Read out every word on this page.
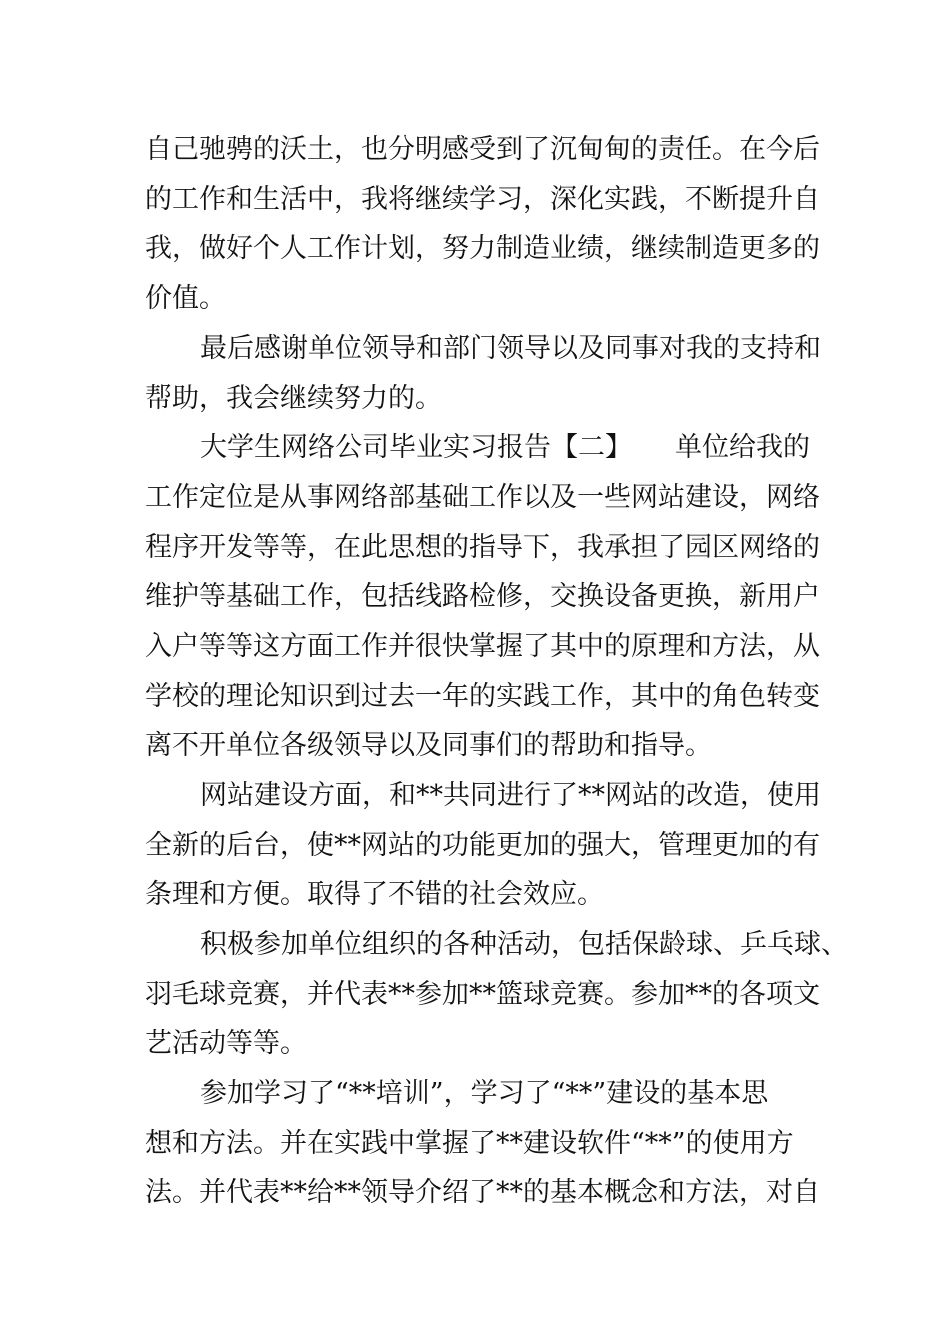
自己驰骋的沃土，也分明感受到了沉甸甸的责任。在今后
的工作和生活中，我将继续学习，深化实践，不断提升自
我，做好个人工作计划，努力制造业绩，继续制造更多的
价值。
最后感谢单位领导和部门领导以及同事对我的支持和
帮助，我会继续努力的。
大学生网络公司毕业实习报告【二】 单位给我的
工作定位是从事网络部基础工作以及一些网站建设，网络
程序开发等等，在此思想的指导下，我承担了园区网络的
维护等基础工作，包括线路检修，交换设备更换，新用户
入户等等这方面工作并很快掌握了其中的原理和方法，从
学校的理论知识到过去一年的实践工作，其中的角色转变
离不开单位各级领导以及同事们的帮助和指导。
网站建设方面，和**共同进行了**网站的改造，使用
全新的后台，使**网站的功能更加的强大，管理更加的有
条理和方便。取得了不错的社会效应。
积极参加单位组织的各种活动，包括保龄球、乒乓球、
羽毛球竞赛，并代表**参加**篮球竞赛。参加**的各项文
艺活动等等。
参加学习了“**培训”，学习了“**”建设的基本思
想和方法。并在实践中掌握了**建设软件“**”的使用方
法。并代表**给**领导介绍了**的基本概念和方法，对自
